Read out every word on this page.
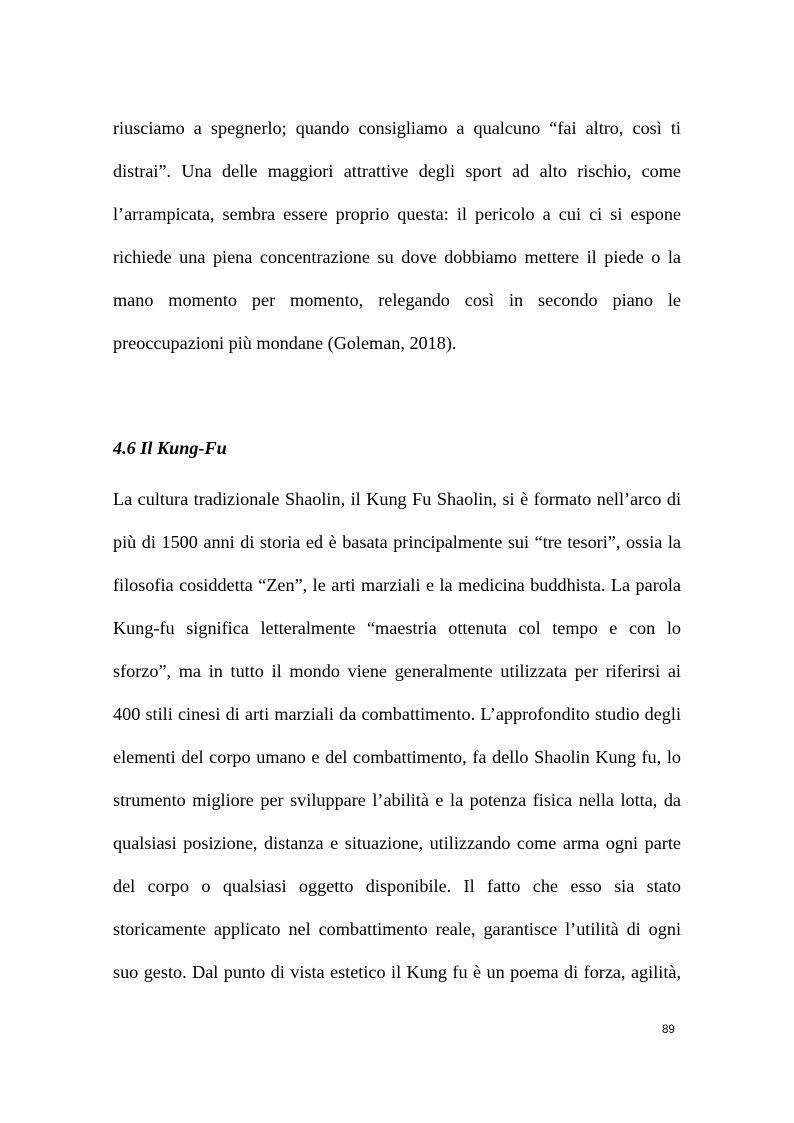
riusciamo a spegnerlo; quando consigliamo a qualcuno “fai altro, così ti
distrai”. Una delle maggiori attrattive degli sport ad alto rischio, come
l’arrampicata, sembra essere proprio questa: il pericolo a cui ci si espone
richiede una piena concentrazione su dove dobbiamo mettere il piede o la
mano momento per momento, relegando così in secondo piano le
preoccupazioni più mondane (Goleman, 2018).
4.6 Il Kung-Fu
La cultura tradizionale Shaolin, il Kung Fu Shaolin, si è formato nell’arco di
più di 1500 anni di storia ed è basata principalmente sui “tre tesori”, ossia la
filosofia cosiddetta “Zen”, le arti marziali e la medicina buddhista. La parola
Kung-fu significa letteralmente “maestria ottenuta col tempo e con lo
sforzo”, ma in tutto il mondo viene generalmente utilizzata per riferirsi ai
400 stili cinesi di arti marziali da combattimento. L’approfondito studio degli
elementi del corpo umano e del combattimento, fa dello Shaolin Kung fu, lo
strumento migliore per sviluppare l’abilità e la potenza fisica nella lotta, da
qualsiasi posizione, distanza e situazione, utilizzando come arma ogni parte
del corpo o qualsiasi oggetto disponibile. Il fatto che esso sia stato
storicamente applicato nel combattimento reale, garantisce l’utilità di ogni
suo gesto. Dal punto di vista estetico il Kung fu è un poema di forza, agilità,
89
